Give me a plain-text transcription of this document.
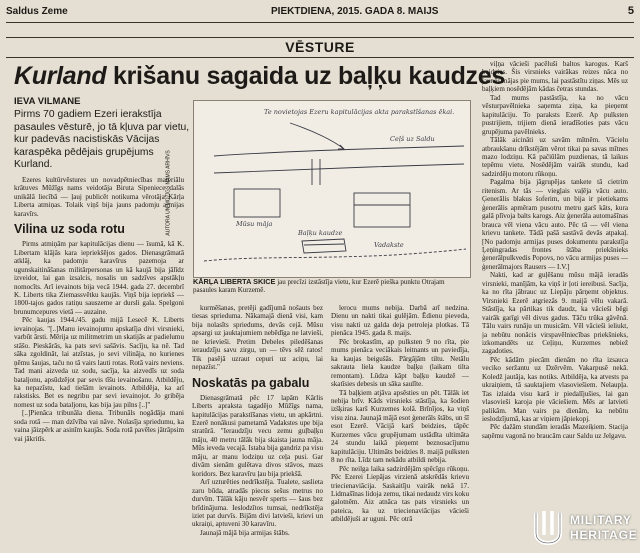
Saldus Zeme	PIEKTDIENA, 2015. GADA 8. MAIJS	5
VĒSTURE
Kurland krišanu sagaida uz baļķu kaudzes
IEVA VILMANE
Pirms 70 gadiem Ezeri ierakstīja pasaules vēsturē, jo tā kļuva par vietu, kur padevās nacistiskās Vācijas karaspēka pēdējais grupējums Kurland.

Ezeres kultūrvēstures un novadpētniecības materiālu krātuves Mūžīgs nams veidotāja Biruta Sipeniece dalās unikālā liecībā — ļauj publicēt notikuma vērotāja Kārļa Liberta atmiņas. Tolaik viņš bija jauns padomju armijas karavīrs.

Vilina uz soda rotu

Pirms atmiņām par kapitulācijas dienu — īsumā, kā K. Libertam klājās kara iepriekšējos gados. Dienasgrāmatā atklāj, ka padomju karavīrus pazemoja ar ugunskaitināšanas militārpersonas un kā kaujā bija jālīdz izveidot, lai gan izsalcis, nosalis un sadzīves apstākļu nomocīts. Arī ievainots bija vecā 1944. gada 27. decembrī K. Liberts tika Ziemassvētku kaujās. Viņš bija iepriekš — 1800-tajos gados ratiņu sauszeme ar dursli gala. Spelgoni brunumcepures vietā — auzaine.

Pēc kaujas 1944./45. gadu mijā Lesecē K. Liberts ievainojas. "[..]Manu ievainojumu apskatīja divi virsnieki, varbūt ārsti. Mērija uz militmetrim un skatijās ar padielumu stāšo. Pieskārās, ka pats sevi sašāvis. Sacīju, ka nē. Tad sāka zgoldināt, lai atzīstas, jo sevi vilināja, no kurienes ņēmu šaujas, taču no tā vairs lauti rotas. Rotā vairs neviens. Tad mani aizveda uz sodu, sacīja, ka aizvedīs uz soda bataljonu, apsūdzējot par sevis tīšu ievainošanu. Atbildēju, ka nepazīstu, kad tiešām ievainots. Atbildēja, ka arī rakstisks. Bet es negribu par sevi ievainojot. Jo gribēja nomest uz soda bataljonu, kas bija jau pilns [..]"

[..]Pienāca tribunāla diena. Tribunāls nogādāja mani soda rotā — man dzīvība vai nāve. Nolasīja spriedumu, ka vaina jāizpērk ar asinīm kaujās. Soda rotā pavēles jātrāpsim vai jākritīs.

AUTORA UN MŪŽĪGS NAMS ARHĪVS
Te novietojas Ezeru kapitulācijas akta parakstīšanas ēkai.
Mūsu māja
Baļķu kaudze
Vadakste
Ceļš uz Saldu
KĀRĻA LIBERTA SKICE jau precīzi izstāstīja vietu, kur Ezerē pieška punktu Otrajam pasaules karam Kurzemē.

kurmēšanas, pretēji gadījumā nošauts bez tiesas sprieduma. Nākamajā dienā visi, kam bija nolasīts spriedums, devās cejā. Mūsu apsargi uz jauktajumiem nebēdīga ne latvieši, ne krievieši. Pretim Debeles piledēšanas ieraudzīju savu zirgu, un — tēvs sēž ratos! Tik pasējā uzraut cepuri uz aciņu, lai nepazīst."

Noskatās pa gabalu

Dienasgrāmatā pēc 17 lapām Kārlis Liberts apraksta tagadējo Mūžīgs nama, kapitulācijas parakstīšanas vietu, un apkārtni. Ezerē nonākusi pametamā Vadakstes upe bija stratūrā. "Ieraudzīju vecu zemu guļbaļķu māju, 40 metru tālāk bija skaista jauna māja. Mūs ieveda vecajā. Istaba bija gandriz pa visu māju, ar manu lodziņu uz ceļa pusi. Gar divām sienām gulētava divos stāvos, mazs koridors. Bez karavīru ļau bija priekšā.

Arī uzturēties nedrīkstēja. Tualete, saslieta zaru būda, atradās piecus sešus metrus no durvīm. Tālāk kāju nesvēr sperts — šaus bez brīdinājuma. Ieslodzītos tumsai, nedrīkstēja iziet pat durvīs. Bijām divi latvieši, krievi un ukraiņi, aptuveni 30 karavīru.

Jaunajā mājā bija armijas štābs.

lerocu mums nebija. Darbā arī nedzina. Dienu un nakti tikai gulējām. Ēdienu pieveda, visu nakti uz galda deja petroleja plotkas. Tā pienāca 1945. gada 8. maijs.

Pēc brokastīm, ap pulksten 9 no rīta, pie mums pienāca veciākais leitnants un paviedīja, ka kaujas beigušās. Pārgājām tiltu. Netālu sakrauta liela kaudze baļķu (laikam tilta remontam). Lūdza kāpt baļķu kaudzē — skatīsies debesis un sāka saulīte.

Tā baļķiem atjāva apsēsties un pēt. Tālāk iet nebija brīv. Kāds virsnieks stāstīja, ka šodien izšķiras karš Kurzemes kolā. Brīnījos, ka viņš visu zina. Jaunajā mājā esot ģenerāls štābs, un šī esot Ezerē. Vācijā karš beidzies, tāpēc Kurzemes vācu grupējumam ustādīta ultimāta 24 stundu laikā pieņemt beznosacījumu kapitulāciju. Ultimāts beidzies 8. maijā pulksten 8 no rīta. Līdz tam nekādu atbildi nebija.

Pēc neilga laika sadzirdējām spēcīgu rūkoņu. Pēc Ezerei Liepājas virzienā atskrēdās krievu triecienaviācija. Saskaitīju vairāk nekā 17. Lidmašīnas lidoja zemu, tikai nedaudz virs koku galotnēm. Aiz atnāca tas pats virsnieks un pateica, ka uz triecienaviācijas vācieši atbildējuši ar uguni. Pēc otrā

viļņa vācieši pacēluši baltos karogus. Karš beidzies. Šis virsnieks vairākas reizes nāca no jaunās mājas pie mums, lai pastāstītu ziņas. Mēs uz baļķiem nosēdējām kādas četras stundas.

Tad mums pastāstīja, ka no vācu vēsturpavēlnieka saņemta ziņa, ka pieņemt kapitulāciju. To paraksts Ezerē. Ap pulksten pustrijiem, trijiem dienā ieradīšoties pats vācu grupējuma pavēlnieks.

Tālāk aicināti uz savām mītnēm. Vācielu atbraukšanu drīkstējām vērot tikai pa savas mītnes mazo lodziņu. Kā pačiūlām puzdienas, tā laikus tepēmu vietu. Nosēdējām vairāk stundu, kad sadzirdēju motoru rūkoņu.

Pagalma bija jāgrupējas tankete tā cietrim ritenism. Ar tās — viegļais vaļēja vācu auto. Ģenerālis blakus šoferim, un bija ir pietiekams ģenerālis apmēram pusotru metru garš kāts, kura galā plīvoja balts karogs. Aiz ģenerāla automašīnas brauca vēl viena vācu auto. Pēc tā — vēl viena krievu tankete. Tādā pašā sastāvā devās atpakaļ. [No padomju armijas puses dokumentu parakstīja Ļeņingradas frontes štāba priekšnieks ģenerālpulkvedis Popovs, no vācu armijas puses — ģenerālmajors Rausers — I.V.]

Nakti, kad ar guļēšanu mūsu mājā ieradās virsnieki, manījām, ka viņš ir ļoti iereibusi. Sacīja, ka no rīta jābrauc uz Liepāju pārņemt objektus. Virsnieki Ezerē atgriezās 9. maijā vēlu vakarā. Stāstīja, ka pārtikas tik daudz, ka vācieši bēgi vairāk garīgi vēl divus gadus. Tāču trūka gāvēnā. Tālu vairs runāju un musicām. Vēl vācieši ieliukt, ja nebūtu nonācis virspavēlniecības priekšnieks, izkomandēts uz Ceļiņu, Kurzemes nebiež zagadoties.

Pēc kādām piecām dienām no rīta izsauca veciko seržantu uz Dzērvēm. Vakarpusē nekā. Koledž jautāja, kas notiks. Atbildēja, ka atvests pa ukraiņiem, tā sauktajiem vlasoviešiem. Nelaupļa. Tas izlaida visu karā ir piedalījušies, lai gan vlasovieši karoja pie vāciešiem. Mēs ar latvieti palikām. Man vairs pa dienām, ka nebūtu ieslodzījumā, kas ar viņiem jāpiekopj.

Pēc dažām stundām ieradās Mazeiķiem. Stacija saņēmu vagonā no braucām caur Saldu uz Jelgavu.

MILITARY
HERITAGE
